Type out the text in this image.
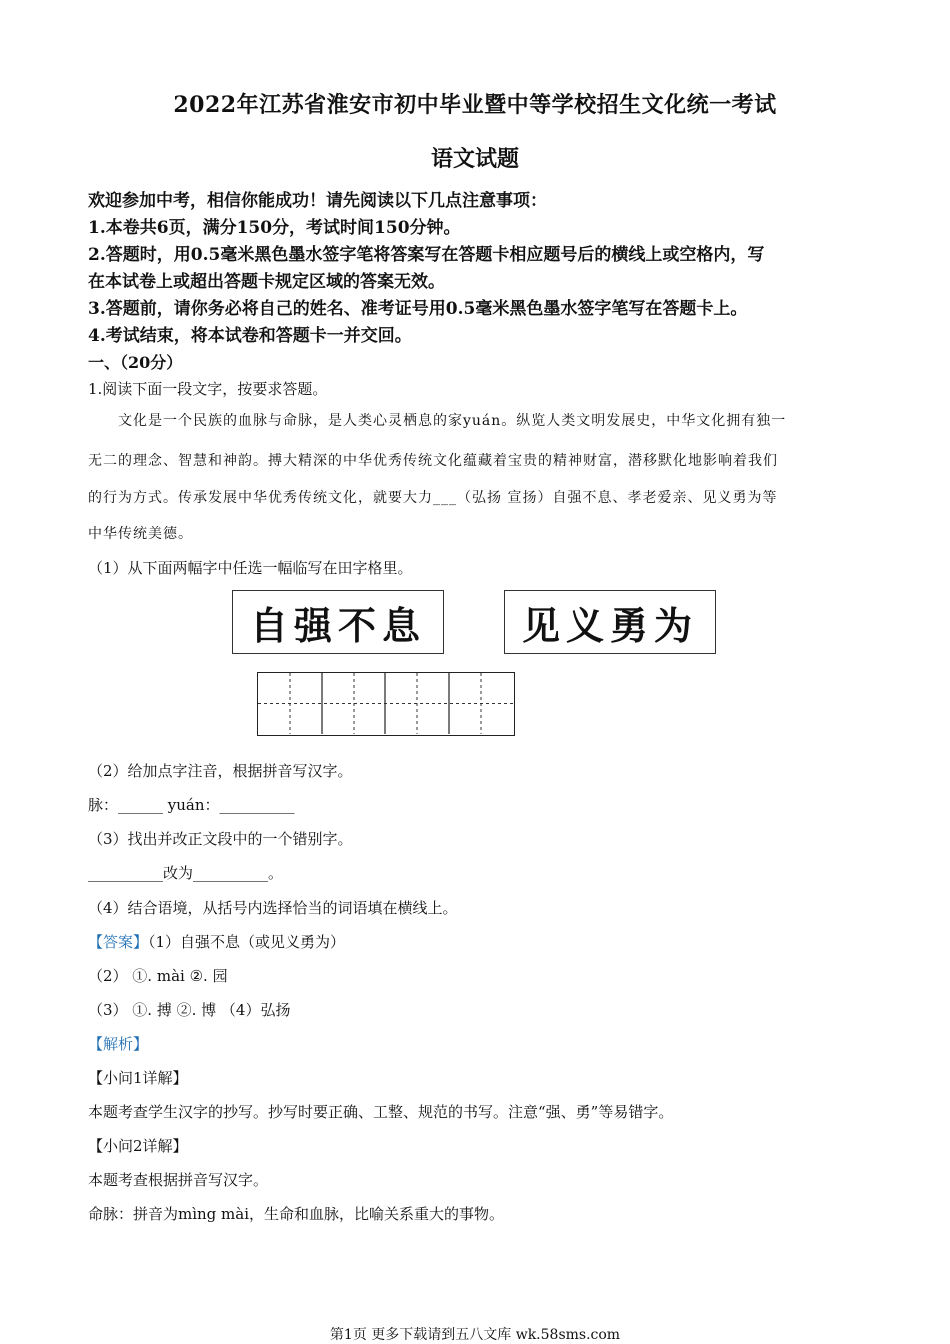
2022年江苏省淮安市初中毕业暨中等学校招生文化统一考试
语文试题
欢迎参加中考，相信你能成功！请先阅读以下几点注意事项：
1.本卷共6页，满分150分，考试时间150分钟。
2.答题时，用0.5毫米黑色墨水签字笔将答案写在答题卡相应题号后的横线上或空格内，写
在本试卷上或超出答题卡规定区域的答案无效。
3.答题前，请你务必将自己的姓名、准考证号用0.5毫米黑色墨水签字笔写在答题卡上。
4.考试结束，将本试卷和答题卡一并交回。
一、（20分）
1.阅读下面一段文字，按要求答题。
文化是一个民族的血脉与命脉，是人类心灵栖息的家yuán。纵览人类文明发展史，中华文化拥有独一
无二的理念、智慧和神韵。搏大精深的中华优秀传统文化蕴藏着宝贵的精神财富，潜移默化地影响着我们
的行为方式。传承发展中华优秀传统文化，就要大力___（弘扬 宣扬）自强不息、孝老爱亲、见义勇为等
中华传统美德。
（1）从下面两幅字中任选一幅临写在田字格里。
自强不息	见义勇为
（2）给加点字注音，根据拼音写汉字。
脉：______ yuán：__________
（3）找出并改正文段中的一个错别字。
__________改为__________。
（4）结合语境，从括号内选择恰当的词语填在横线上。
【答案】（1）自强不息（或见义勇为）
（2） ①. mài ②. 园
（3） ①. 搏 ②. 博 （4）弘扬
【解析】
【小问1详解】
本题考查学生汉字的抄写。抄写时要正确、工整、规范的书写。注意“强、勇”等易错字。
【小问2详解】
本题考查根据拼音写汉字。
命脉：拼音为mìng mài，生命和血脉，比喻关系重大的事物。
第1页 更多下载请到五八文库 wk.58sms.com
